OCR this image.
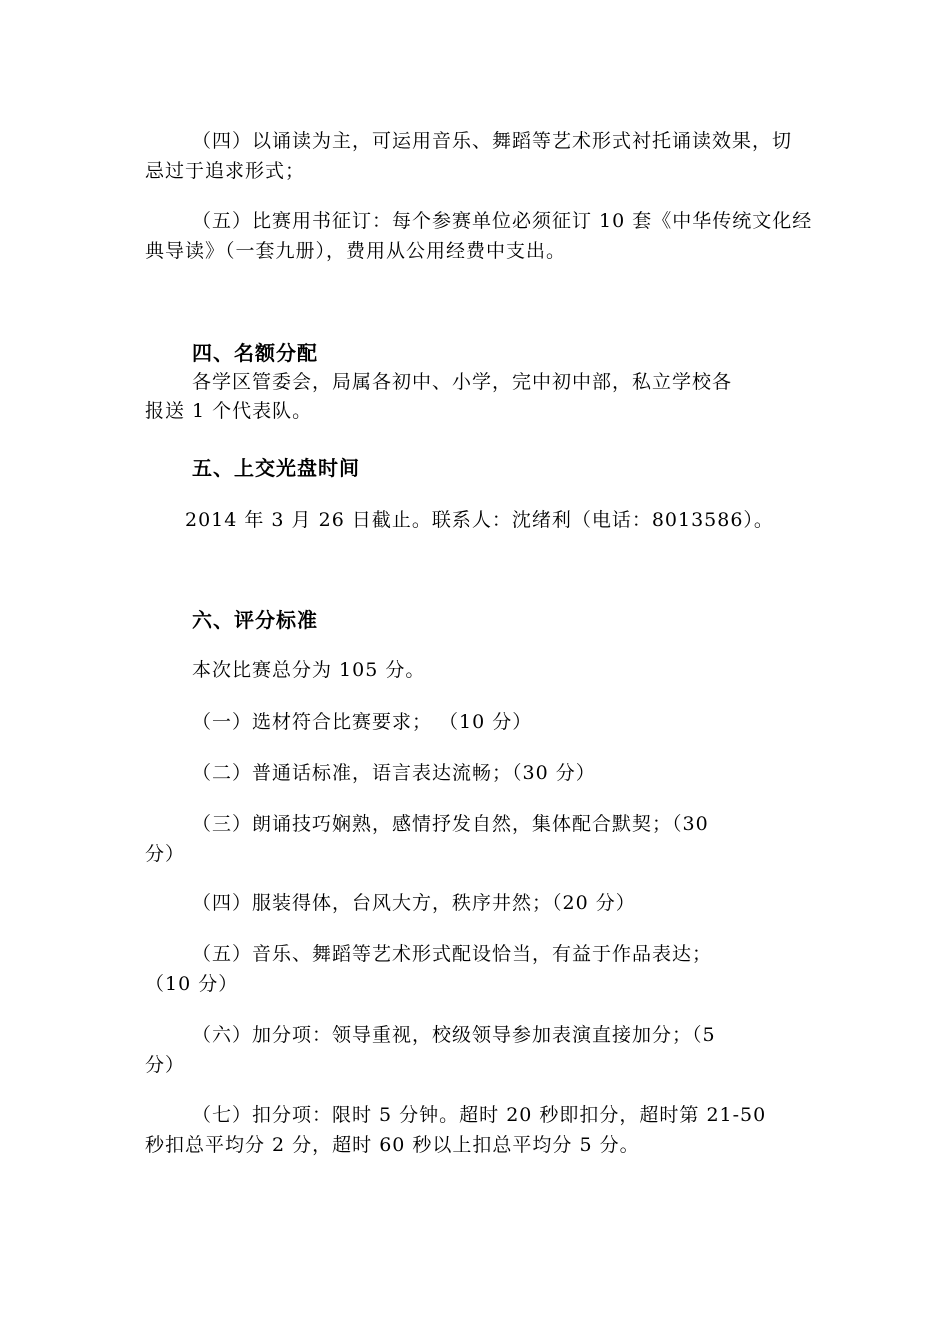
（四）以诵读为主，可运用音乐、舞蹈等艺术形式衬托诵读效果，切
忌过于追求形式；
（五）比赛用书征订：每个参赛单位必须征订 10 套《中华传统文化经
典导读》（一套九册），费用从公用经费中支出。
四、名额分配
各学区管委会，局属各初中、小学，完中初中部，私立学校各
报送 1 个代表队。
五、上交光盘时间
2014 年 3 月 26 日截止。联系人：沈绪利（电话：8013586）。
六、评分标准
本次比赛总分为 105 分。
（一）选材符合比赛要求； （10 分）
（二）普通话标准，语言表达流畅；（30 分）
（三）朗诵技巧娴熟，感情抒发自然，集体配合默契；（30
分）
（四）服装得体，台风大方，秩序井然；（20 分）
（五）音乐、舞蹈等艺术形式配设恰当，有益于作品表达；
（10 分）
（六）加分项：领导重视，校级领导参加表演直接加分；（5
分）
（七）扣分项：限时 5 分钟。超时 20 秒即扣分，超时第 21-50
秒扣总平均分 2 分，超时 60 秒以上扣总平均分 5 分。
